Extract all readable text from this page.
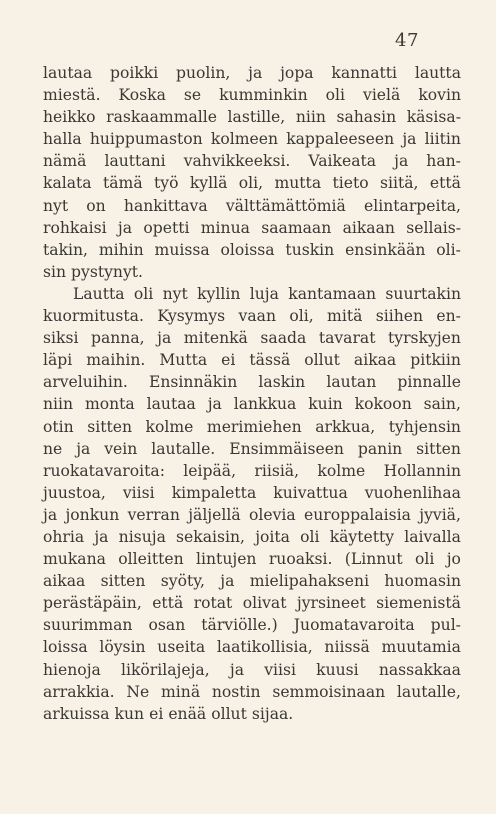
47
lautaa poikki puolin, ja jopa kannatti lautta
miestä. Koska se kumminkin oli vielä kovin
heikko raskaammalle lastille, niin sahasin käsisa-
halla huippumaston kolmeen kappaleeseen ja liitin
nämä lauttani vahvikkeeksi. Vaikeata ja han-
kalata tämä työ kyllä oli, mutta tieto siitä, että
nyt on hankittava välttämättömiä elintarpeita,
rohkaisi ja opetti minua saamaan aikaan sellais-
takin, mihin muissa oloissa tuskin ensinkään oli-
sin pystynyt.
Lautta oli nyt kyllin luja kantamaan suurtakin
kuormitusta. Kysymys vaan oli, mitä siihen en-
siksi panna, ja mitenkä saada tavarat tyrskyjen
läpi maihin. Mutta ei tässä ollut aikaa pitkiin
arveluihin. Ensinnäkin laskin lautan pinnalle
niin monta lautaa ja lankkua kuin kokoon sain,
otin sitten kolme merimiehen arkkua, tyhjensin
ne ja vein lautalle. Ensimmäiseen panin sitten
ruokatavaroita: leipää, riisiä, kolme Hollannin
juustoa, viisi kimpaletta kuivattua vuohenlihaa
ja jonkun verran jäljellä olevia europpalaisia jyviä,
ohria ja nisuja sekaisin, joita oli käytetty laivalla
mukana olleitten lintujen ruoaksi. (Linnut oli jo
aikaa sitten syöty, ja mielipahakseni huomasin
perästäpäin, että rotat olivat jyrsineet siemenistä
suurimman osan tärviölle.) Juomatavaroita pul-
loissa löysin useita laatikollisia, niissä muutamia
hienoja likörilajeja, ja viisi kuusi nassakkaa
arrakkia. Ne minä nostin semmoisinaan lautalle,
arkuissa kun ei enää ollut sijaa.
